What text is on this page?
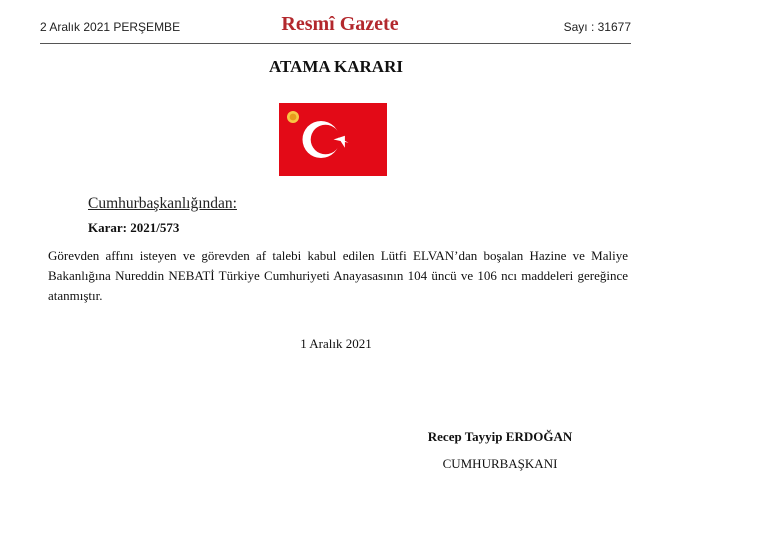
2 Aralık 2021 PERŞEMBE	Resmî Gazete	Sayı : 31677
ATAMA KARARI
Cumhurbaşkanlığından:
Karar: 2021/573

Görevden affını isteyen ve görevden af talebi kabul edilen Lütfi ELVAN’dan boşalan Hazine ve Maliye Bakanlığına Nureddin NEBATİ Türkiye Cumhuriyeti Anayasasının 104 üncü ve 106 ncı maddeleri gereğince atanmıştır.

1 Aralık 2021
Recep Tayyip ERDOĞAN
CUMHURBAŞKANI
